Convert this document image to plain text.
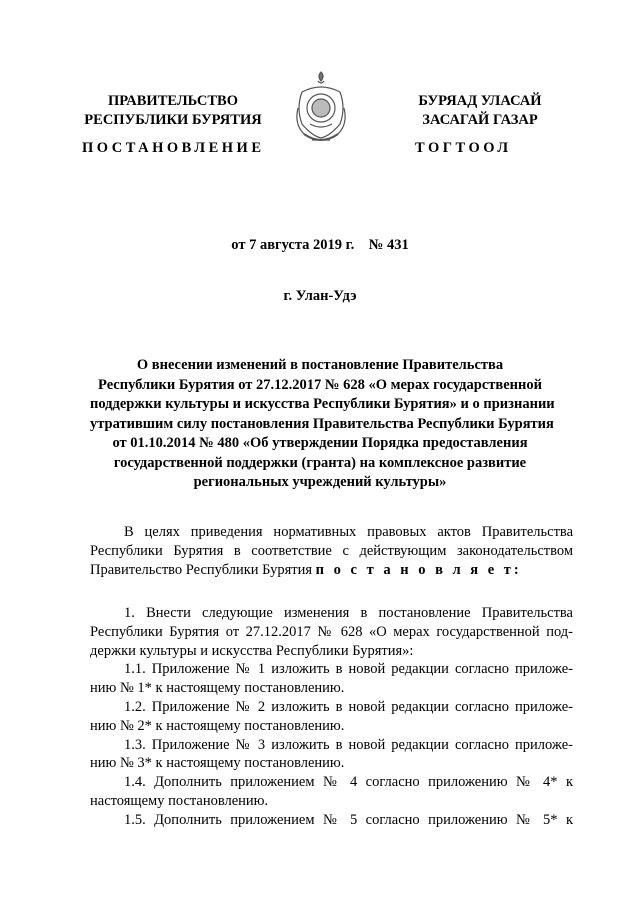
ПРАВИТЕЛЬСТВО
РЕСПУБЛИКИ БУРЯТИЯ
БУРЯАД УЛАСАЙ
ЗАСАГАЙ ГАЗАР
ПОСТАНОВЛЕНИЕ	ТОГТООЛ
от 7 августа 2019 г. № 431
г. Улан-Удэ
О внесении изменений в постановление Правительства
Республики Бурятия от 27.12.2017 № 628 «О мерах государственной
поддержки культуры и искусства Республики Бурятия» и о признании
утратившим силу постановления Правительства Республики Бурятия
от 01.10.2014 № 480 «Об утверждении Порядка предоставления
государственной поддержки (гранта) на комплексное развитие
региональных учреждений культуры»
В целях приведения нормативных правовых актов Правительства
Республики Бурятия в соответствие с действующим законодательством
Правительство Республики Бурятия п о с т а н о в л я е т:
1. Внести следующие изменения в постановление Правительства
Республики Бурятия от 27.12.2017 № 628 «О мерах государственной под-
держки культуры и искусства Республики Бурятия»:
1.1. Приложение № 1 изложить в новой редакции согласно приложе-
нию № 1* к настоящему постановлению.
1.2. Приложение № 2 изложить в новой редакции согласно приложе-
нию № 2* к настоящему постановлению.
1.3. Приложение № 3 изложить в новой редакции согласно приложе-
нию № 3* к настоящему постановлению.
1.4. Дополнить приложением № 4 согласно приложению № 4* к
настоящему постановлению.
1.5. Дополнить приложением № 5 согласно приложению № 5* к
